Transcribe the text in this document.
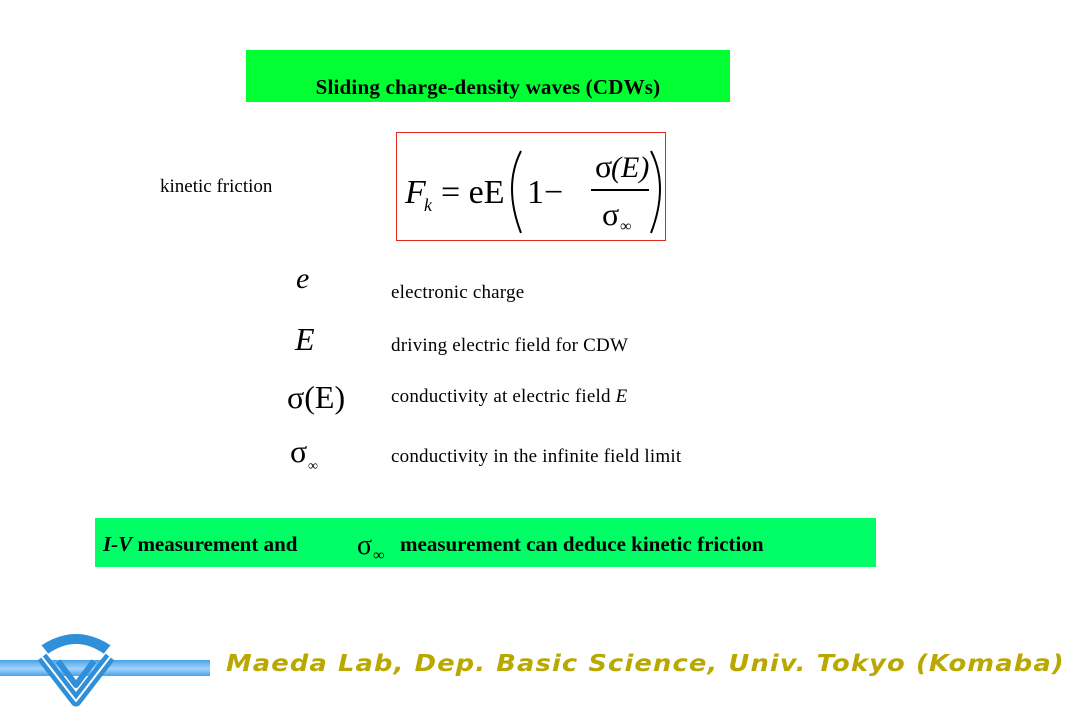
Sliding charge-density waves (CDWs)
kinetic friction	F
k = eE 1−
σ
(E)
σ ∞
e
E
σ(E)
σ ∞
electronic charge
driving electric field for CDW
conductivity at electric field E
conductivity in the infinite field limit
I-V measurement and σ ∞ measurement can deduce kinetic friction
Maeda Lab, Dep. Basic Science, Univ. Tokyo (Komaba)
